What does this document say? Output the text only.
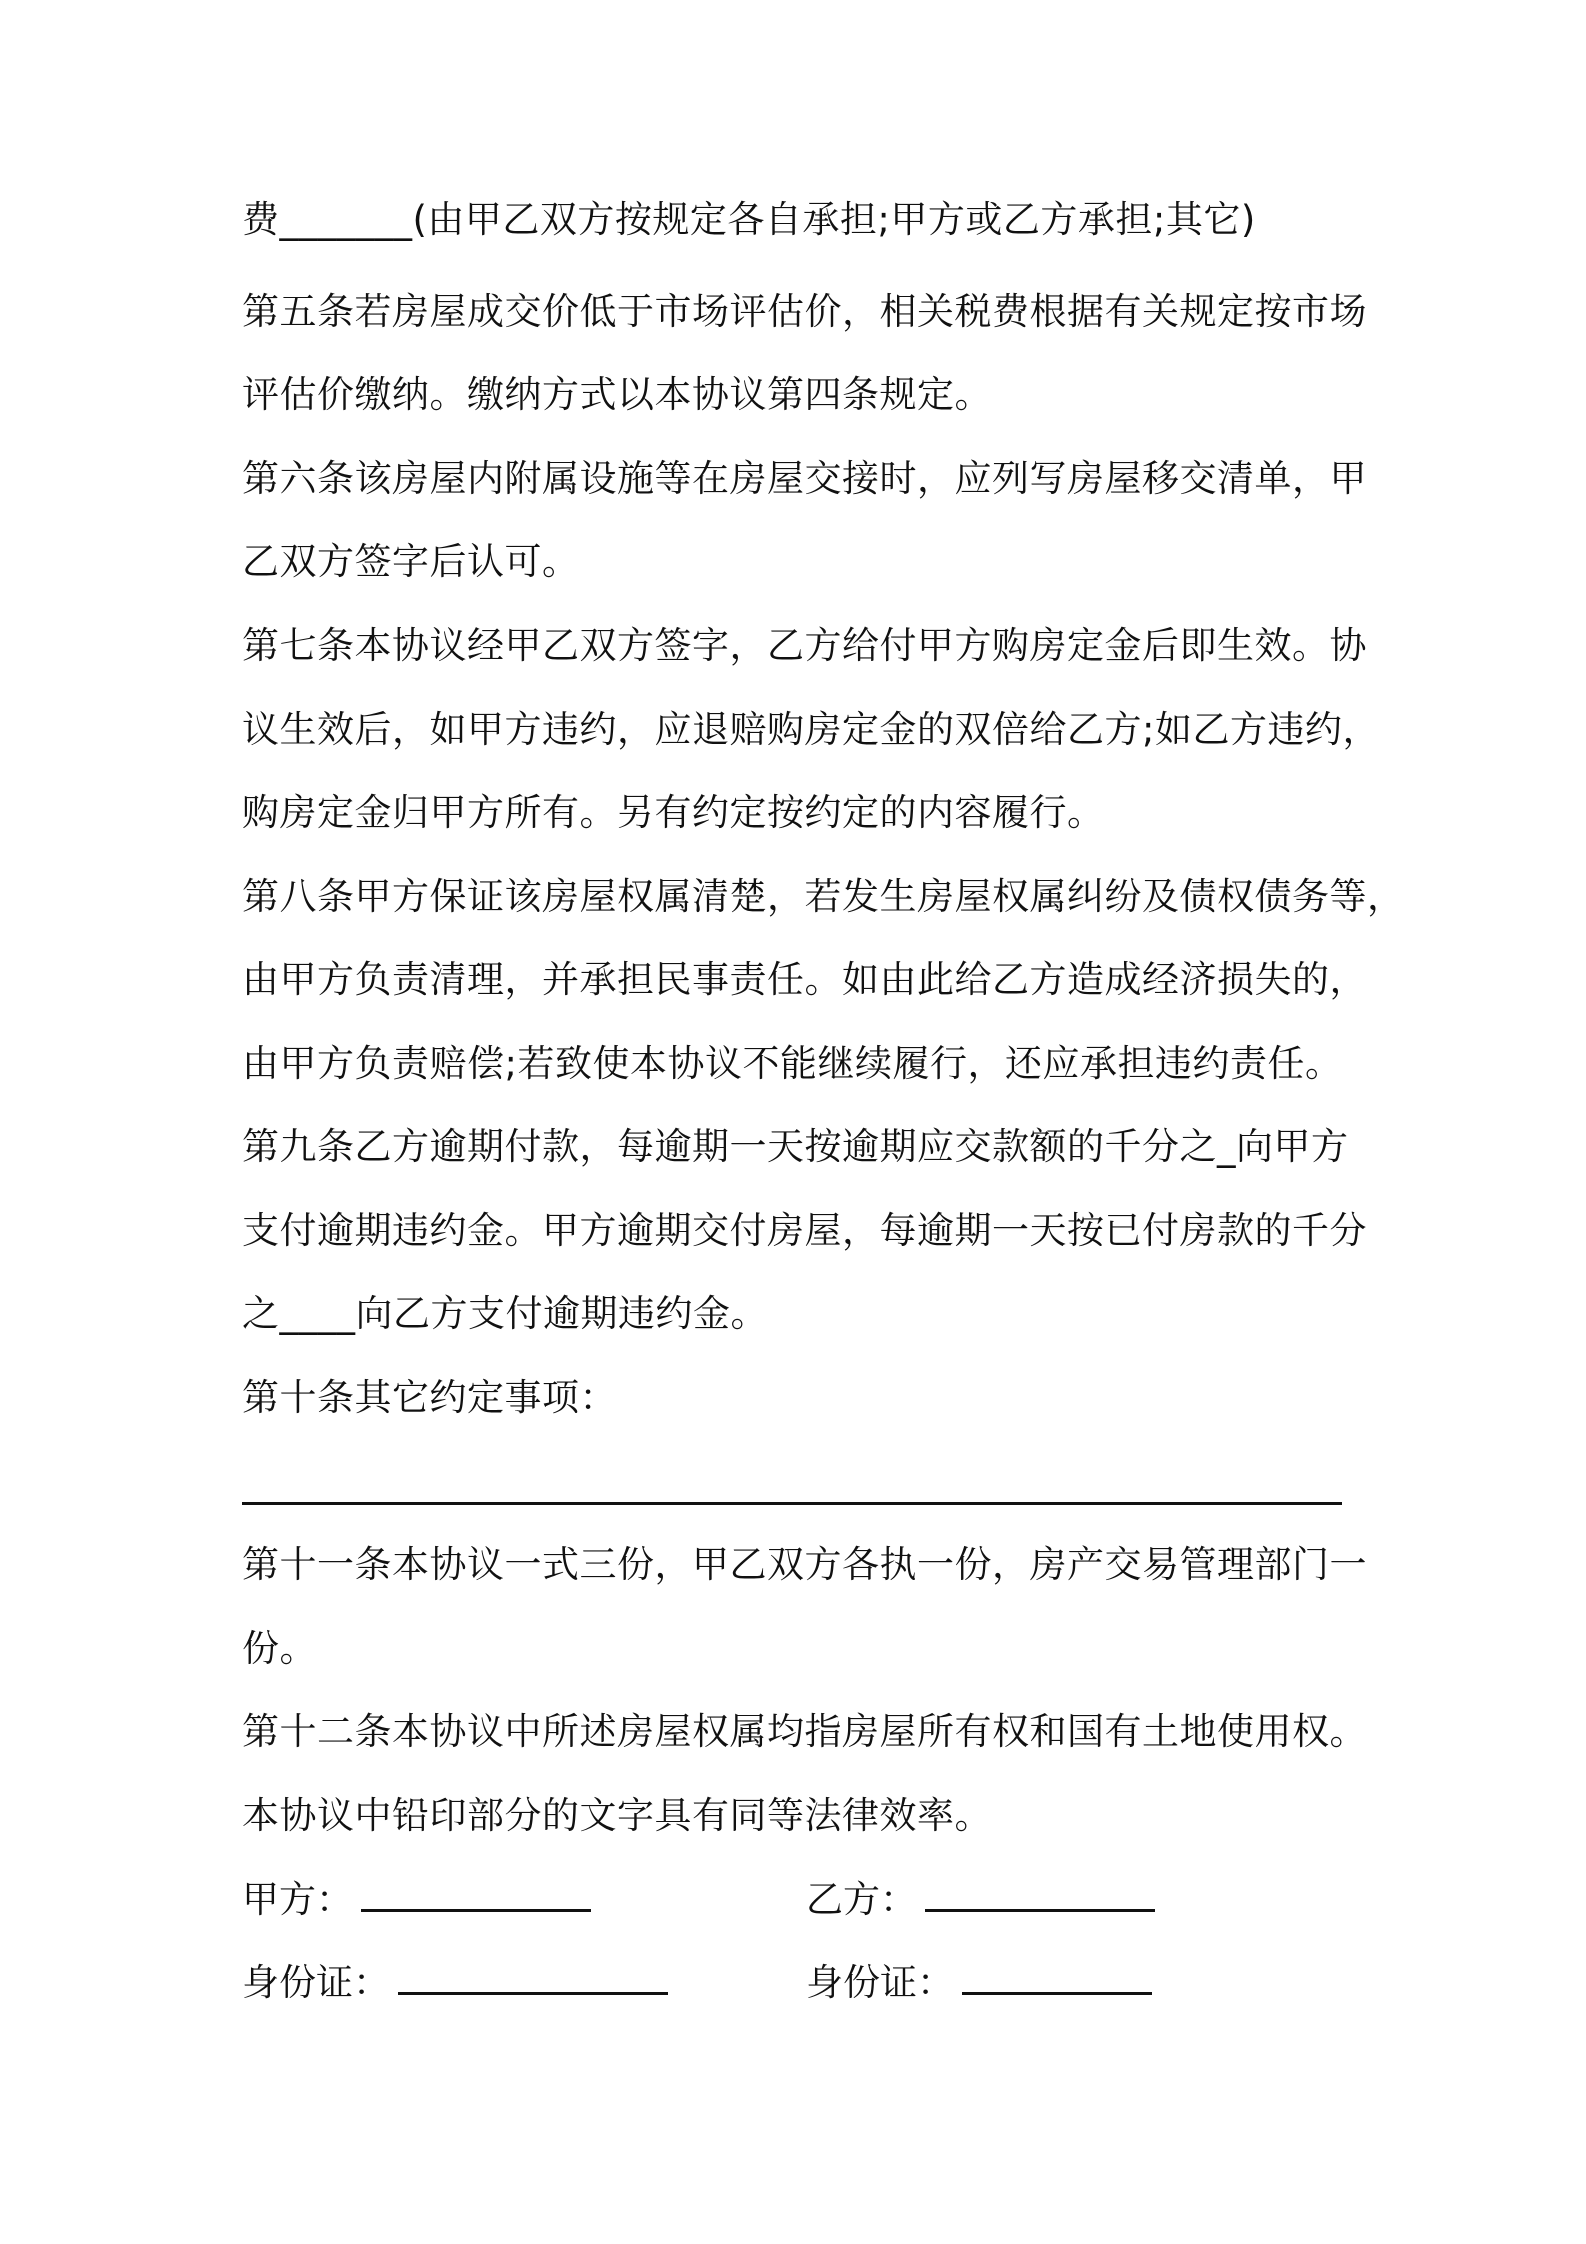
费_______(由甲乙双方按规定各自承担;甲方或乙方承担;其它)
第五条若房屋成交价低于市场评估价，相关税费根据有关规定按市场
评估价缴纳。缴纳方式以本协议第四条规定。
第六条该房屋内附属设施等在房屋交接时，应列写房屋移交清单，甲
乙双方签字后认可。
第七条本协议经甲乙双方签字，乙方给付甲方购房定金后即生效。协
议生效后，如甲方违约，应退赔购房定金的双倍给乙方;如乙方违约，
购房定金归甲方所有。另有约定按约定的内容履行。
第八条甲方保证该房屋权属清楚，若发生房屋权属纠纷及债权债务等，
由甲方负责清理，并承担民事责任。如由此给乙方造成经济损失的，
由甲方负责赔偿;若致使本协议不能继续履行，还应承担违约责任。
第九条乙方逾期付款，每逾期一天按逾期应交款额的千分之_向甲方
支付逾期违约金。甲方逾期交付房屋，每逾期一天按已付房款的千分
之____向乙方支付逾期违约金。
第十条其它约定事项：
第十一条本协议一式三份，甲乙双方各执一份，房产交易管理部门一
份。
第十二条本协议中所述房屋权属均指房屋所有权和国有土地使用权。
本协议中铅印部分的文字具有同等法律效率。
甲方：	乙方：
身份证：	身份证：
